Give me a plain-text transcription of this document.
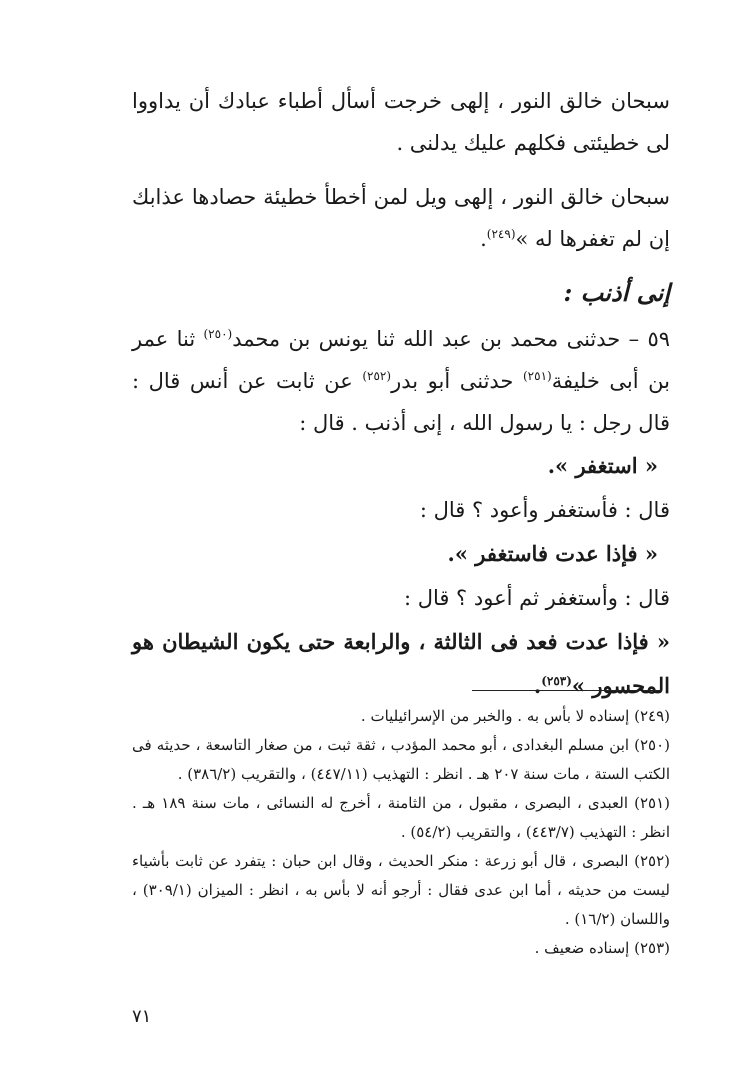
سبحان خالق النور ، إلهى خرجت أسأل أطباء عبادك أن يداووا لى خطيئتى فكلهم عليك يدلنى .

سبحان خالق النور ، إلهى ويل لمن أخطأ خطيئة حصادها عذابك إن لم تغفرها له »$^{(٢٤٩)}$.

إنى أذنب :

٥٩ – حدثنى محمد بن عبد الله ثنا يونس بن محمد$^{(٢٥٠)}$ ثنا عمر بن أبى خليفة$^{(٢٥١)}$ حدثنى أبو بدر$^{(٢٥٢)}$ عن ثابت عن أنس قال : قال رجل : يا رسول الله ، إنى أذنب . قال :

« استغفر ».

قال : فأستغفر وأعود ؟ قال :

« فإذا عدت فاستغفر ».

قال : وأستغفر ثم أعود ؟ قال :

« فإذا عدت فعد فى الثالثة ، والرابعة حتى يكون الشيطان هو المحسور »$^{(٢٥٣)}$.

(٢٤٩) إسناده لا بأس به . والخبر من الإسرائيليات .

(٢٥٠) ابن مسلم البغدادى ، أبو محمد المؤدب ، ثقة ثبت ، من صغار التاسعة ، حديثه فى الكتب الستة ، مات سنة ٢٠٧ هـ . انظر : التهذيب (٤٤٧/١١) ، والتقريب (٣٨٦/٢) .

(٢٥١) العبدى ، البصرى ، مقبول ، من الثامنة ، أخرج له النسائى ، مات سنة ١٨٩ هـ . انظر : التهذيب (٤٤٣/٧) ، والتقريب (٥٤/٢) .

(٢٥٢) البصرى ، قال أبو زرعة : منكر الحديث ، وقال ابن حبان : يتفرد عن ثابت بأشياء ليست من حديثه ، أما ابن عدى فقال : أرجو أنه لا بأس به ، انظر : الميزان (٣٠٩/١) ، واللسان (١٦/٢) .

(٢٥٣) إسناده ضعيف .

٧١
